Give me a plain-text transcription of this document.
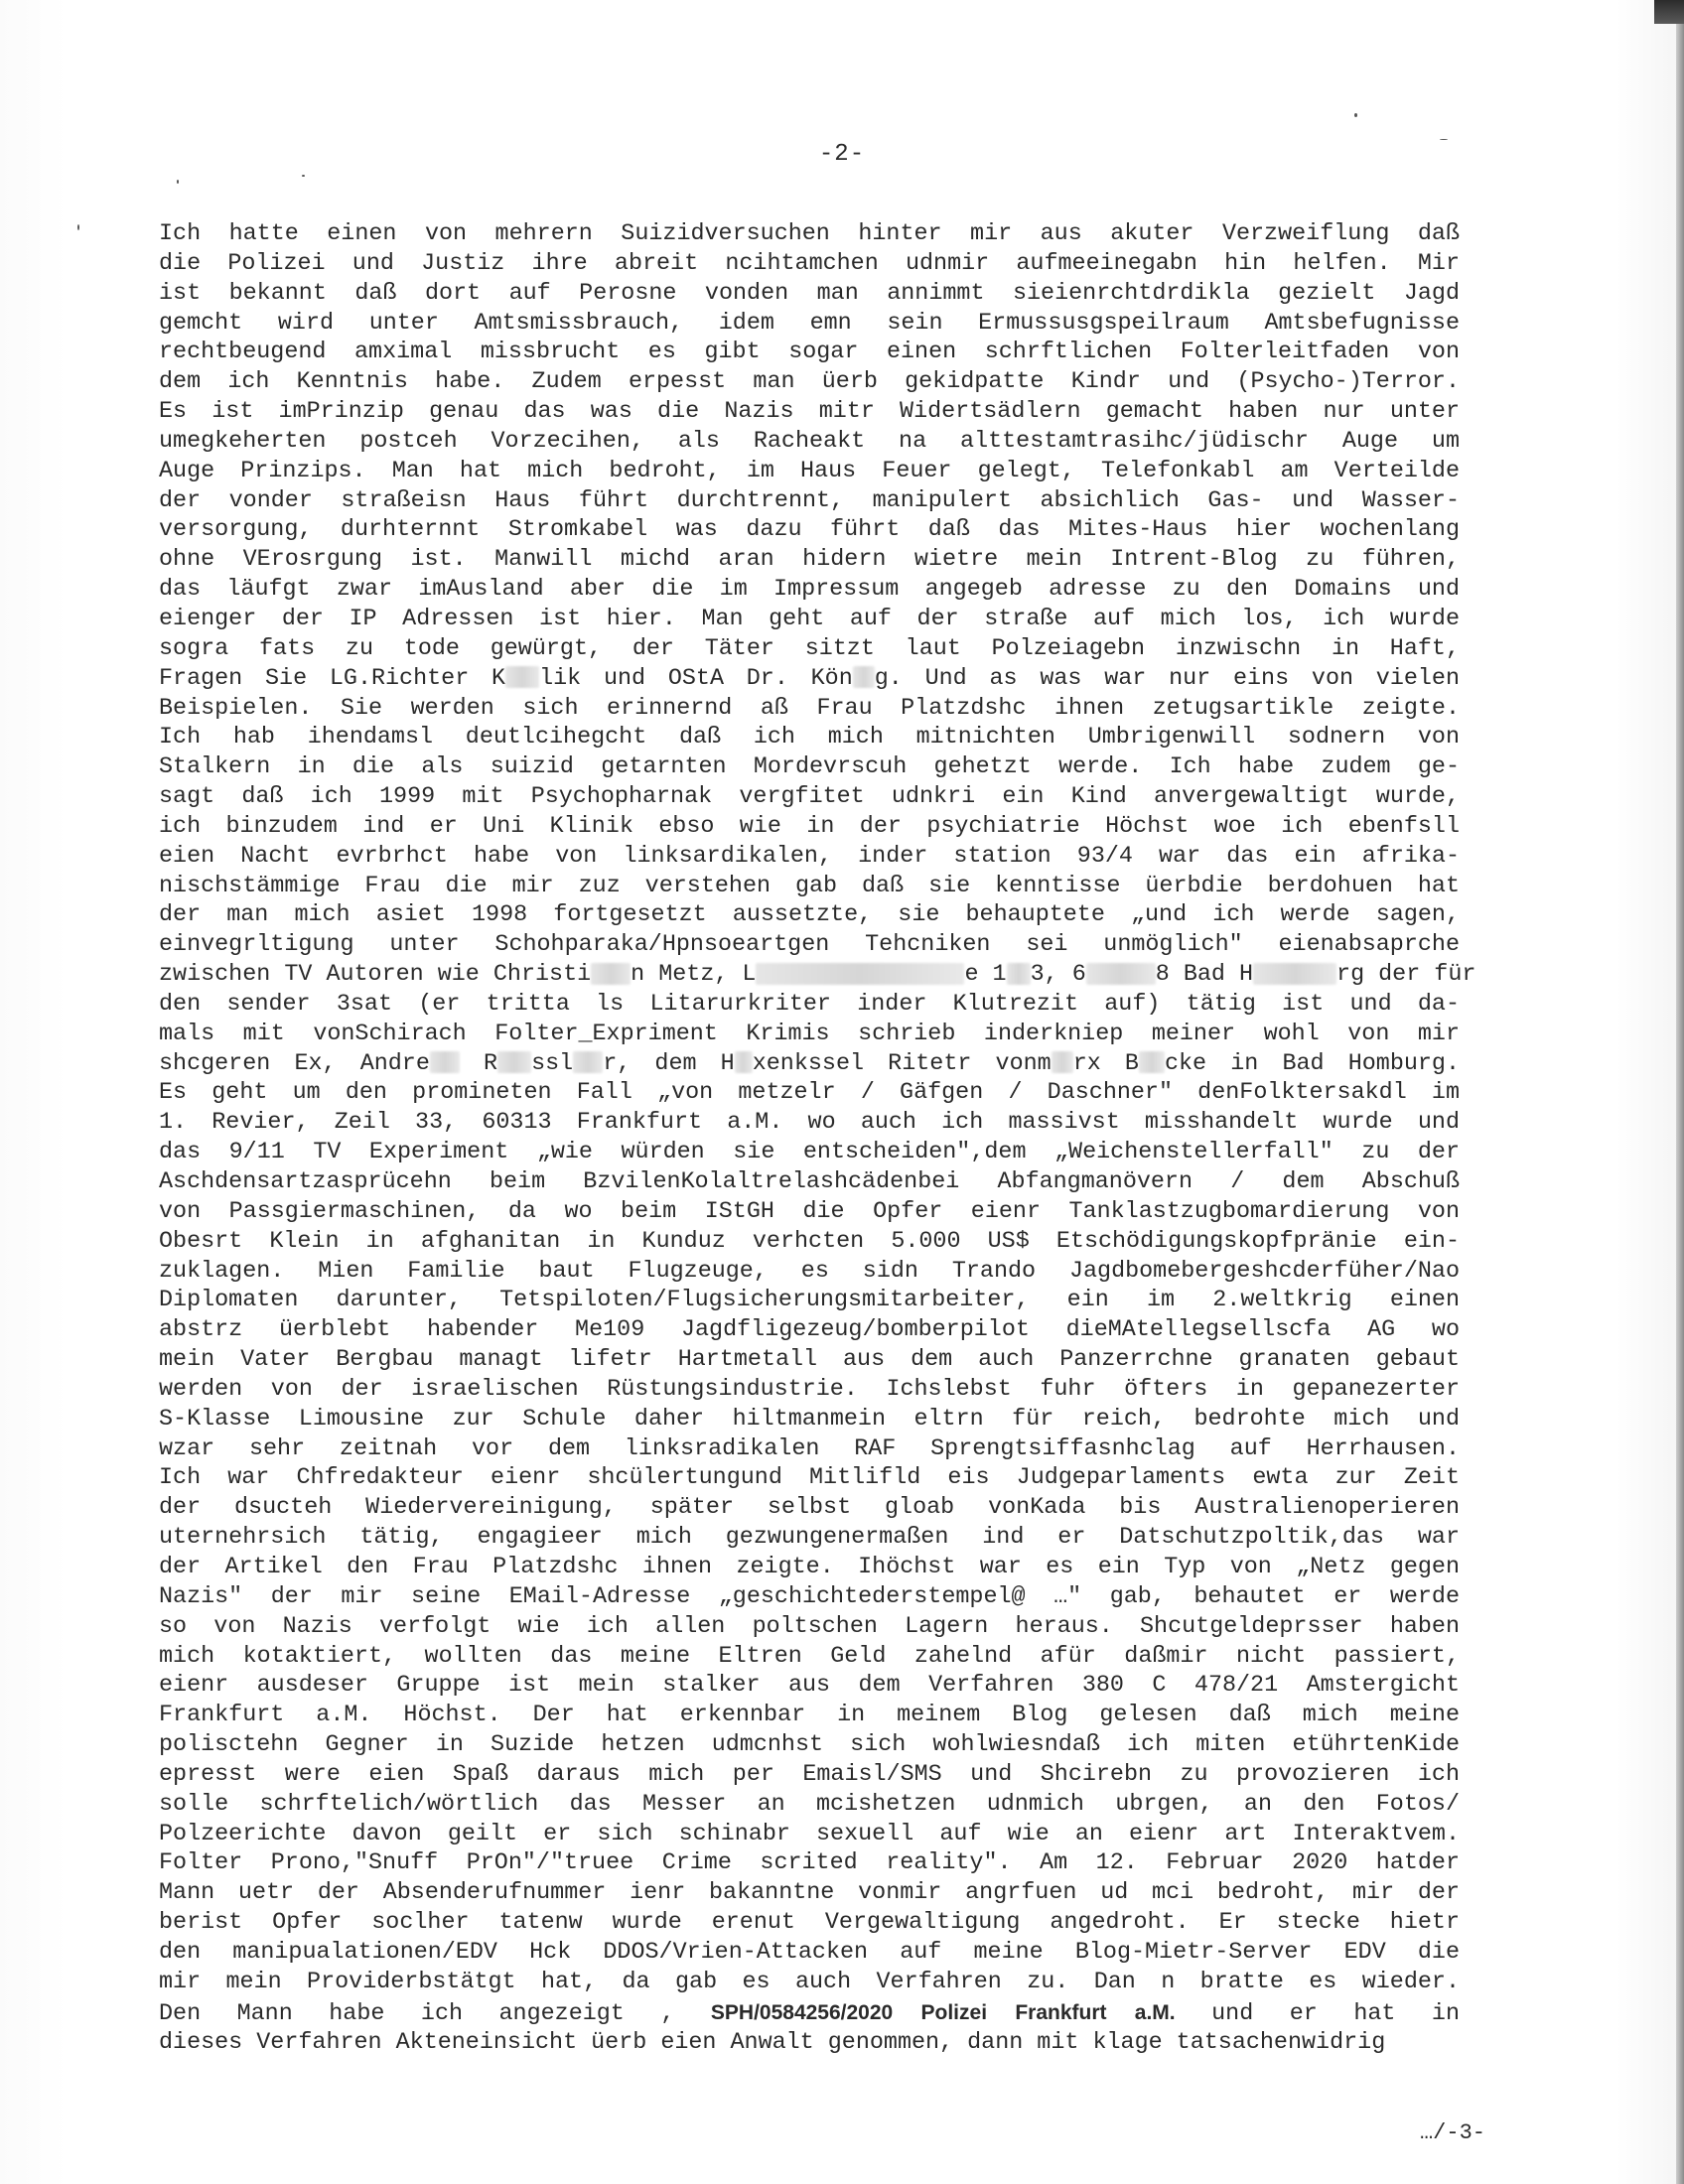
-2-
Ich hatte einen von mehrern Suizidversuchen hinter mir aus akuter Verzweiflung daß
die Polizei und Justiz ihre abreit ncihtamchen udnmir aufmeeinegabn hin helfen. Mir
ist bekannt daß dort auf Perosne vonden man annimmt sieienrchtdrdikla gezielt Jagd
gemcht wird unter Amtsmissbrauch, idem emn sein Ermussusgspeilraum Amtsbefugnisse
rechtbeugend amximal missbrucht es gibt sogar einen schrftlichen Folterleitfaden von
dem ich Kenntnis habe. Zudem erpesst man üerb gekidpatte Kindr und (Psycho-)Terror.
Es ist imPrinzip genau das was die Nazis mitr Widertsädlern gemacht haben nur unter
umegkeherten postceh Vorzecihen, als Racheakt na alttestamtrasihc/jüdischr Auge um
Auge Prinzips. Man hat mich bedroht, im Haus Feuer gelegt, Telefonkabl am Verteilde
der vonder straßeisn Haus führt durchtrennt, manipulert absichlich Gas- und Wasser-
versorgung, durhternnt Stromkabel was dazu führt daß das Mites-Haus hier wochenlang
ohne VErosrgung ist. Manwill michd aran hidern wietre mein Intrent-Blog zu führen,
das läufgt zwar imAusland aber die im Impressum angegeb adresse zu den Domains und
eienger der IP Adressen ist hier. Man geht auf der straße auf mich los, ich wurde
sogra fats zu tode gewürgt, der Täter sitzt laut Polzeiagebn inzwischn in Haft,
Fragen Sie LG.Richter K lik und OStA Dr. Kön g. Und as was war nur eins von vielen
Beispielen. Sie werden sich erinnernd aß Frau Platzdshc ihnen zetugsartikle zeigte.
Ich hab ihendamsl deutlcihegcht daß ich mich mitnichten Umbrigenwill sodnern von
Stalkern in die als suizid getarnten Mordevrscuh gehetzt werde. Ich habe zudem ge-
sagt daß ich 1999 mit Psychopharnak vergfitet udnkri ein Kind anvergewaltigt wurde,
ich binzudem ind er Uni Klinik ebso wie in der psychiatrie Höchst woe ich ebenfsll
eien Nacht evrbrhct habe von linksardikalen, inder station 93/4 war das ein afrika-
nischstämmige Frau die mir zuz verstehen gab daß sie kenntisse üerbdie berdohuen hat
der man mich asiet 1998 fortgesetzt aussetzte, sie behauptete „und ich werde sagen,
einvegrltigung unter Schohparaka/Hpnsoeartgen Tehcniken sei unmöglich" eienabsaprche
zwischen TV Autoren wie Christi n Metz, L	e 1 3, 6	8 Bad H	rg der für
den sender 3sat (er tritta ls Litarurkriter inder Klutrezit auf) tätig ist und da-
mals mit vonSchirach Folter_Expriment Krimis schrieb inderkniep meiner wohl von mir
shcgeren Ex, Andre R ssl r, dem H xenkssel Ritetr vonm rx B cke in Bad Homburg.
Es geht um den promineten Fall „von metzelr / Gäfgen / Daschner" denFolktersakdl im
1. Revier, Zeil 33, 60313 Frankfurt a.M. wo auch ich massivst misshandelt wurde und
das 9/11 TV Experiment „wie würden sie entscheiden",dem „Weichenstellerfall" zu der
Aschdensartzasprücehn beim BzvilenKolaltrelashcädenbei Abfangmanövern / dem Abschuß
von Passgiermaschinen, da wo beim IStGH die Opfer eienr Tanklastzugbomardierung von
Obesrt Klein in afghanitan in Kunduz verhcten 5.000 US$ Etschödigungskopfpränie ein-
zuklagen. Mien Familie baut Flugzeuge, es sidn Trando Jagdbomebergeshcderfüher/Nao
Diplomaten darunter, Tetspiloten/Flugsicherungsmitarbeiter, ein im 2.weltkrig einen
abstrz üerblebt habender Me109 Jagdfligezeug/bomberpilot dieMAtellegsellscfa AG wo
mein Vater Bergbau managt lifetr Hartmetall aus dem auch Panzerrchne granaten gebaut
werden von der israelischen Rüstungsindustrie. Ichslebst fuhr öfters in gepanezerter
S-Klasse Limousine zur Schule daher hiltmanmein eltrn für reich, bedrohte mich und
wzar sehr zeitnah vor dem linksradikalen RAF Sprengtsiffasnhclag auf Herrhausen.
Ich war Chfredakteur eienr shcülertungund Mitlifld eis Judgeparlaments ewta zur Zeit
der dsucteh Wiedervereinigung, später selbst gloab vonKada bis Australienoperieren
uternehrsich tätig, engagieer mich gezwungenermaßen ind er Datschutzpoltik,das war
der Artikel den Frau Platzdshc ihnen zeigte. Ihöchst war es ein Typ von „Netz gegen
Nazis" der mir seine EMail-Adresse „geschichtederstempel@ …" gab, behautet er werde
so von Nazis verfolgt wie ich allen poltschen Lagern heraus. Shcutgeldeprsser haben
mich kotaktiert, wollten das meine Eltren Geld zahelnd afür daßmir nicht passiert,
eienr ausdeser Gruppe ist mein stalker aus dem Verfahren 380 C 478/21 Amstergicht
Frankfurt a.M. Höchst. Der hat erkennbar in meinem Blog gelesen daß mich meine
polisctehn Gegner in Suzide hetzen udmcnhst sich wohlwiesndaß ich miten etührtenKide
epresst were eien Spaß daraus mich per Emaisl/SMS und Shcirebn zu provozieren ich
solle schrftelich/wörtlich das Messer an mcishetzen udnmich ubrgen, an den Fotos/
Polzeerichte davon geilt er sich schinabr sexuell auf wie an eienr art Interaktvem.
Folter Prono,"Snuff PrOn"/"truee Crime scrited reality". Am 12. Februar 2020 hatder
Mann uetr der Absenderufnummer ienr bakanntne vonmir angrfuen ud mci bedroht, mir der
berist Opfer soclher tatenw wurde erenut Vergewaltigung angedroht. Er stecke hietr
den manipualationen/EDV Hck DDOS/Vrien-Attacken auf meine Blog-Mietr-Server EDV die
mir mein Providerbstätgt hat, da gab es auch Verfahren zu. Dan n bratte es wieder.
Den Mann habe ich angezeigt , SPH/0584256/2020 Polizei Frankfurt a.M. und er hat in
dieses Verfahren Akteneinsicht üerb eien Anwalt genommen, dann mit klage tatsachenwidrig
…/-3-
